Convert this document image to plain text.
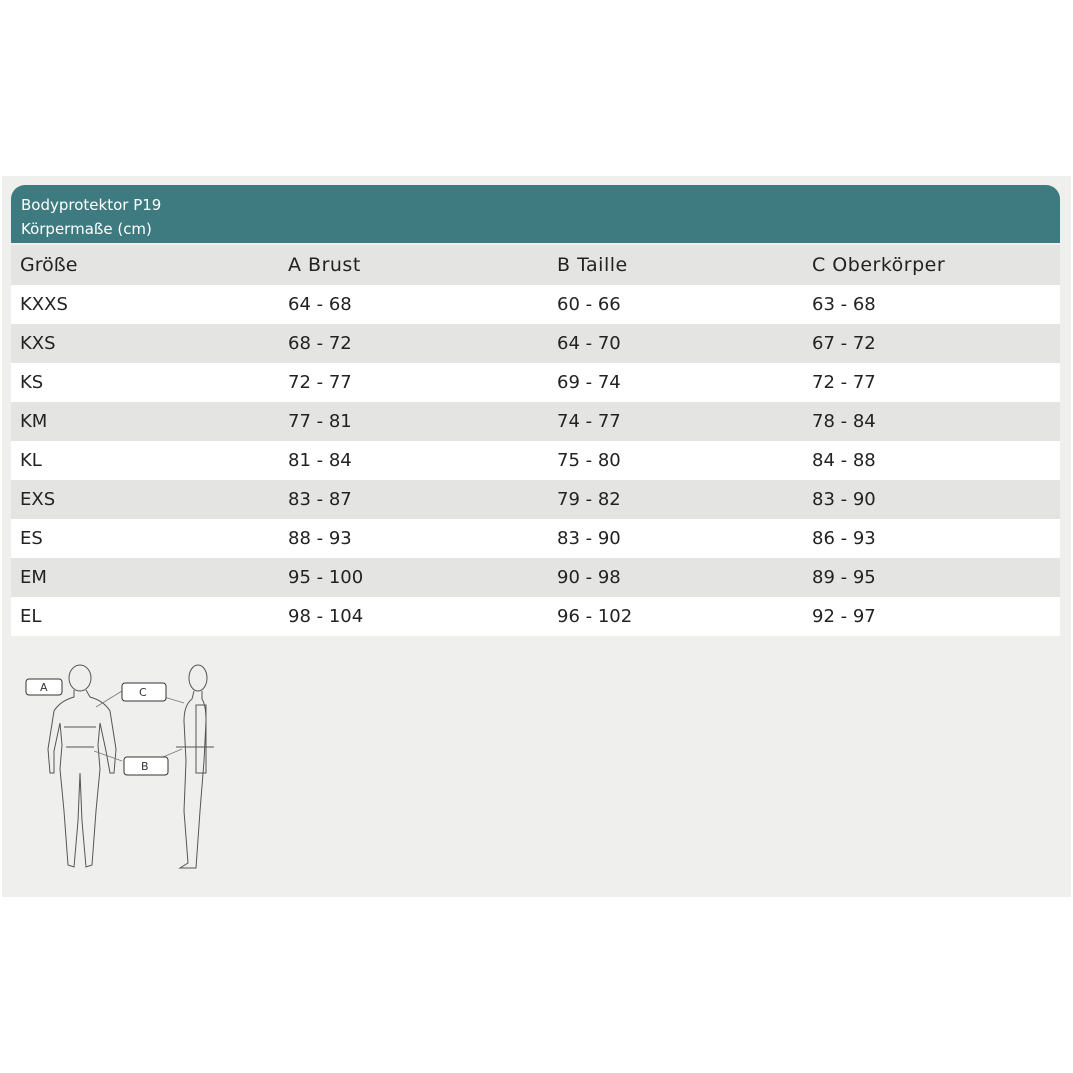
Bodyprotektor P19
Körpermaße (cm)
Größe	A Brust	B Taille	C Oberkörper
KXXS	64 - 68	60 - 66	63 - 68
KXS	68 - 72	64 - 70	67 - 72
KS	72 - 77	69 - 74	72 - 77
KM	77 - 81	74 - 77	78 - 84
KL	81 - 84	75 - 80	84 - 88
EXS	83 - 87	79 - 82	83 - 90
ES	88 - 93	83 - 90	86 - 93
EM	95 - 100	90 - 98	89 - 95
EL	98 - 104	96 - 102	92 - 97
A	C
B
